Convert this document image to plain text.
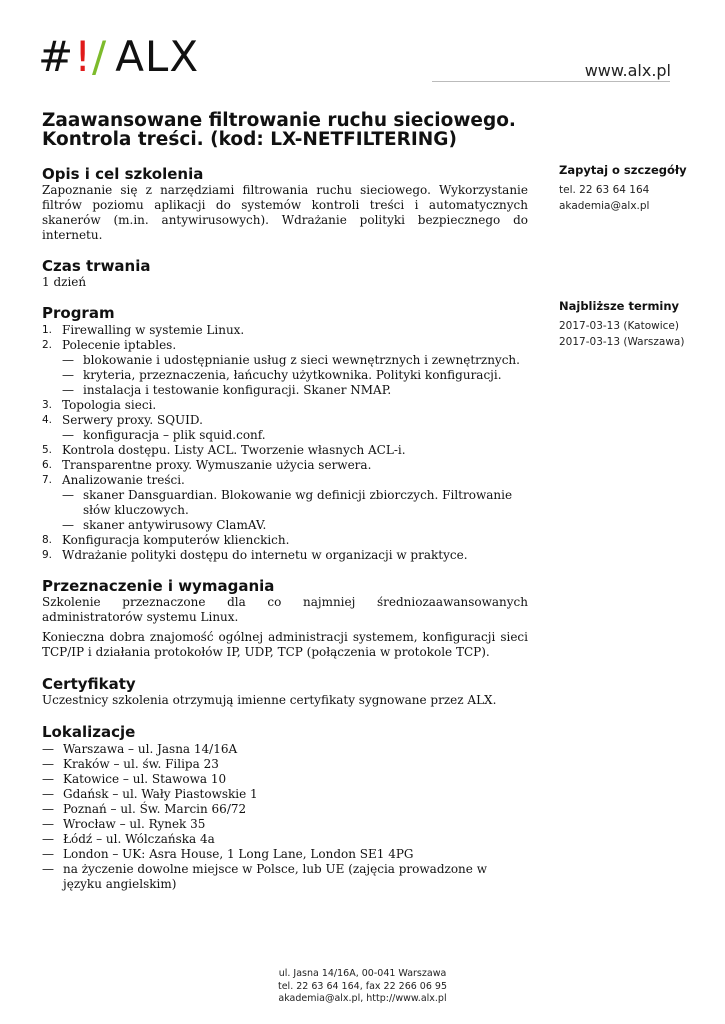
#!/ ALX	www.alx.pl
Zaawansowane filtrowanie ruchu sieciowego. Kontrola treści. (kod: LX-NETFILTERING)
Opis i cel szkolenia

Zapoznanie się z narzędziami filtrowania ruchu sieciowego. Wykorzystanie filtrów poziomu aplikacji do systemów kontroli treści i automatycznych skanerów (m.in. antywirusowych). Wdrażanie polityki bezpiecznego do internetu.

Czas trwania

1 dzień

Program
1. Firewalling w systemie Linux.
2. Polecenie iptables.
— blokowanie i udostępnianie usług z sieci wewnętrznych i zewnętrznych.
— kryteria, przeznaczenia, łańcuchy użytkownika. Polityki konfiguracji.
— instalacja i testowanie konfiguracji. Skaner NMAP.
3. Topologia sieci.
4. Serwery proxy. SQUID.
— konfiguracja – plik squid.conf.
5. Kontrola dostępu. Listy ACL. Tworzenie własnych ACL-i.
6. Transparentne proxy. Wymuszanie użycia serwera.
7. Analizowanie treści.
— skaner Dansguardian. Blokowanie wg definicji zbiorczych. Filtrowanie słów kluczowych.
— skaner antywirusowy ClamAV.
8. Konfiguracja komputerów klienckich.
9. Wdrażanie polityki dostępu do internetu w organizacji w praktyce.
Przeznaczenie i wymagania

Szkolenie przeznaczone dla co najmniej średniozaawansowanych administratorów systemu Linux.

Konieczna dobra znajomość ogólnej administracji systemem, konfiguracji sieci TCP/IP i działania protokołów IP, UDP, TCP (połączenia w protokole TCP).

Certyfikaty

Uczestnicy szkolenia otrzymują imienne certyfikaty sygnowane przez ALX.

Lokalizacje
— Warszawa – ul. Jasna 14/16A
— Kraków – ul. św. Filipa 23
— Katowice – ul. Stawowa 10
— Gdańsk – ul. Wały Piastowskie 1
— Poznań – ul. Św. Marcin 66/72
— Wrocław – ul. Rynek 35
— Łódź – ul. Wólczańska 4a
— London – UK: Asra House, 1 Long Lane, London SE1 4PG
— na życzenie dowolne miejsce w Polsce, lub UE (zajęcia prowadzone w języku angielskim)
Zapytaj o szczegóły
tel. 22 63 64 164
akademia@alx.pl
Najbliższe terminy
2017-03-13 (Katowice)
2017-03-13 (Warszawa)
ul. Jasna 14/16A, 00-041 Warszawa
tel. 22 63 64 164, fax 22 266 06 95
akademia@alx.pl, http://www.alx.pl
